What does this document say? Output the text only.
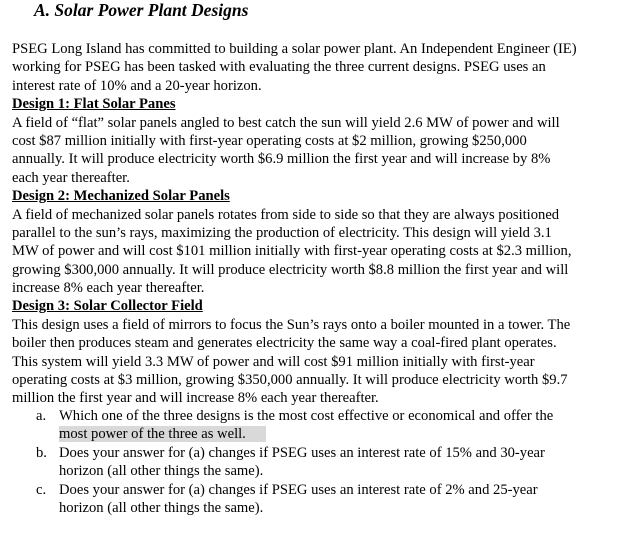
A. Solar Power Plant Designs
PSEG Long Island has committed to building a solar power plant. An Independent Engineer (IE)
working for PSEG has been tasked with evaluating the three current designs. PSEG uses an
interest rate of 10% and a 20-year horizon.
Design 1: Flat Solar Panes
A field of “flat” solar panels angled to best catch the sun will yield 2.6 MW of power and will
cost $87 million initially with first-year operating costs at $2 million, growing $250,000
annually. It will produce electricity worth $6.9 million the first year and will increase by 8%
each year thereafter.
Design 2: Mechanized Solar Panels
A field of mechanized solar panels rotates from side to side so that they are always positioned
parallel to the sun’s rays, maximizing the production of electricity. This design will yield 3.1
MW of power and will cost $101 million initially with first-year operating costs at $2.3 million,
growing $300,000 annually. It will produce electricity worth $8.8 million the first year and will
increase 8% each year thereafter.
Design 3: Solar Collector Field
This design uses a field of mirrors to focus the Sun’s rays onto a boiler mounted in a tower. The
boiler then produces steam and generates electricity the same way a coal-fired plant operates.
This system will yield 3.3 MW of power and will cost $91 million initially with first-year
operating costs at $3 million, growing $350,000 annually. It will produce electricity worth $9.7
million the first year and will increase 8% each year thereafter.
a. Which one of the three designs is the most cost effective or economical and offer the
most power of the three as well.
b. Does your answer for (a) changes if PSEG uses an interest rate of 15% and 30-year
horizon (all other things the same).
c. Does your answer for (a) changes if PSEG uses an interest rate of 2% and 25-year
horizon (all other things the same).
